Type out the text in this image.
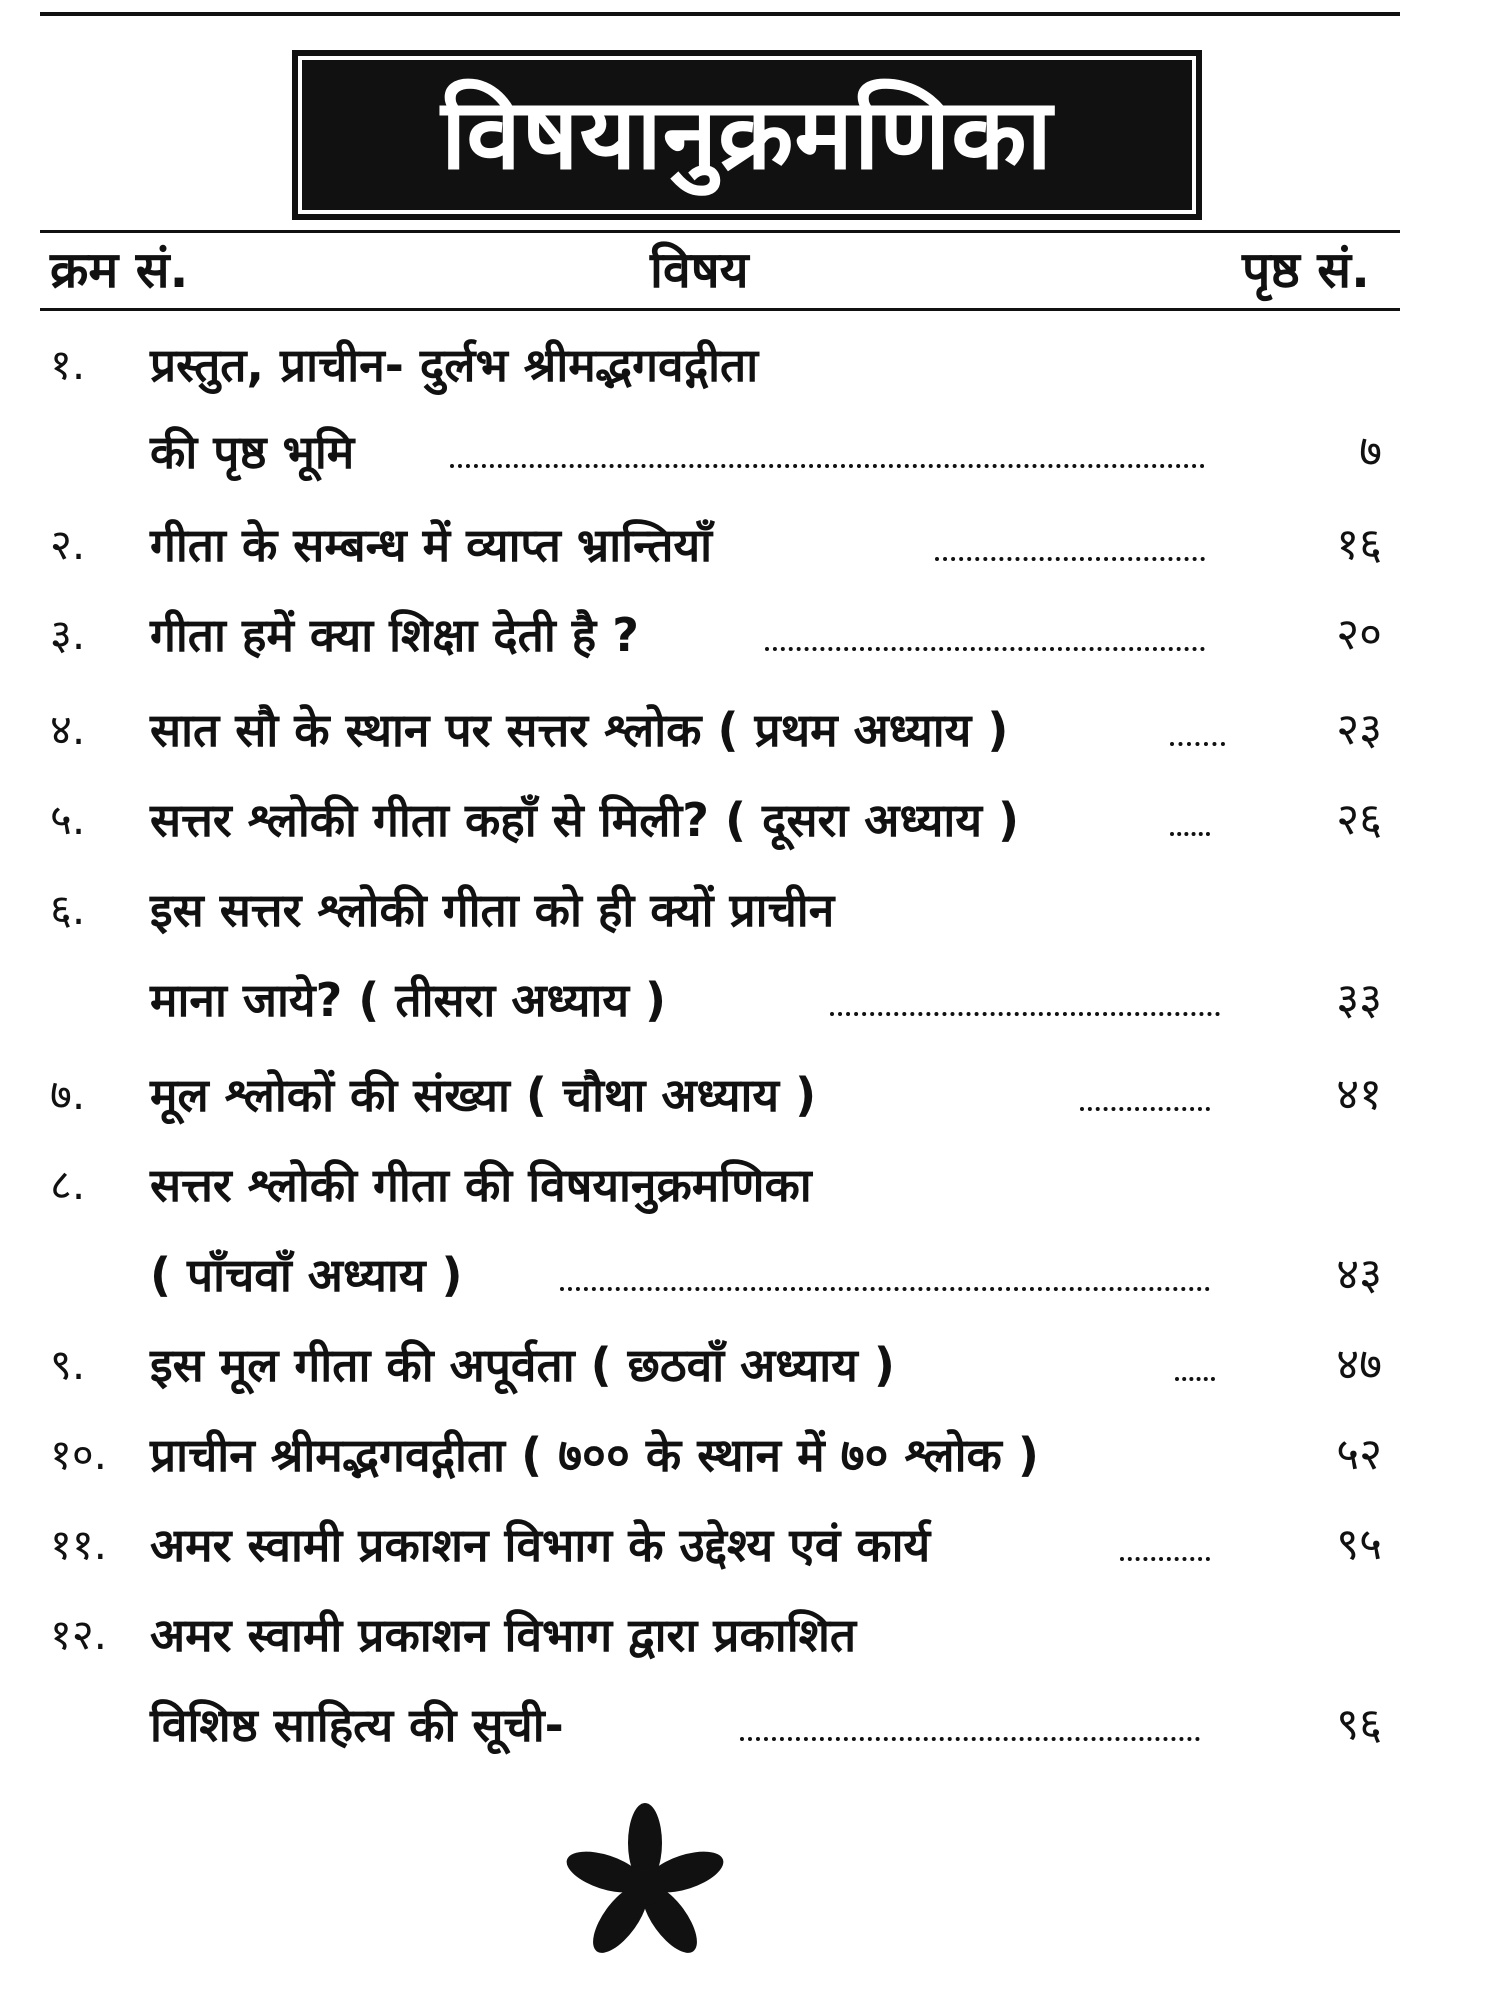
विषयानुक्रमणिका
क्रम सं.	विषय	पृष्ठ सं.
१. प्रस्तुत, प्राचीन- दुर्लभ श्रीमद्भगवद्गीता
की पृष्ठ भूमि	७
२. गीता के सम्बन्ध में व्याप्त भ्रान्तियाँ	१६
३. गीता हमें क्या शिक्षा देती है ?	२०
४. सात सौ के स्थान पर सत्तर श्लोक ( प्रथम अध्याय )	२३
५. सत्तर श्लोकी गीता कहाँ से मिली? ( दूसरा अध्याय )	२६
६. इस सत्तर श्लोकी गीता को ही क्यों प्राचीन
माना जाये? ( तीसरा अध्याय )	३३
७. मूल श्लोकों की संख्या ( चौथा अध्याय )	४१
८. सत्तर श्लोकी गीता की विषयानुक्रमणिका
( पाँचवाँ अध्याय )	४३
९. इस मूल गीता की अपूर्वता ( छठवाँ अध्याय )	४७
१०. प्राचीन श्रीमद्भगवद्गीता ( ७०० के स्थान में ७० श्लोक )	५२
११. अमर स्वामी प्रकाशन विभाग के उद्देश्य एवं कार्य	९५
१२. अमर स्वामी प्रकाशन विभाग द्वारा प्रकाशित
विशिष्ठ साहित्य की सूची-	९६
